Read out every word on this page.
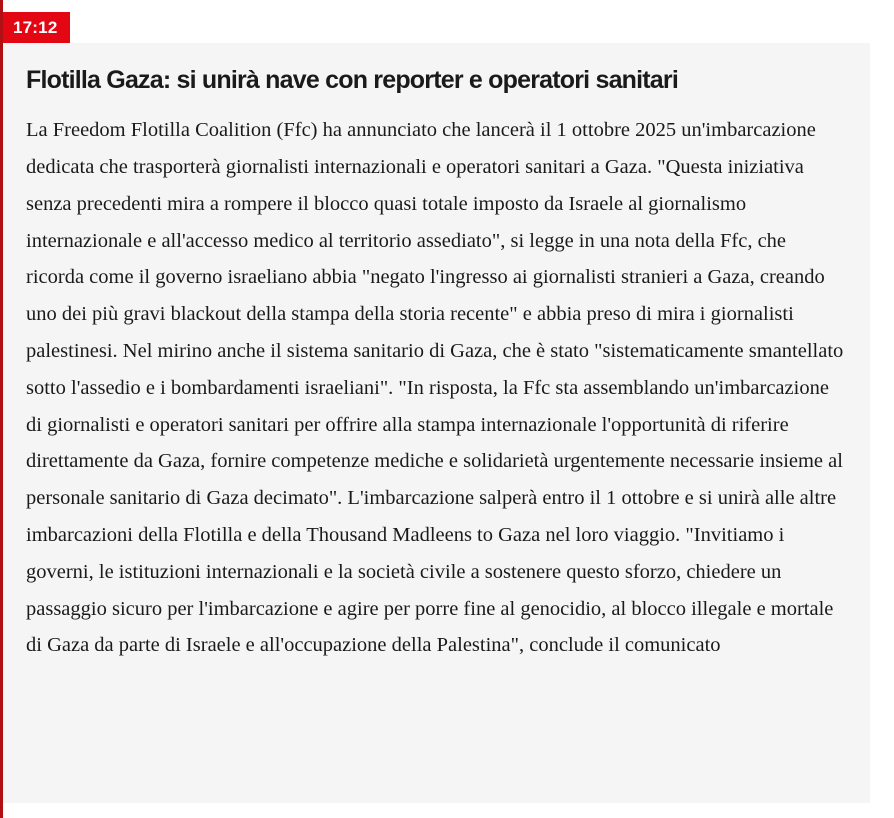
17:12
Flotilla Gaza: si unirà nave con reporter e operatori sanitari

La Freedom Flotilla Coalition (Ffc) ha annunciato che lancerà il 1 ottobre 2025 un'imbarcazione dedicata che trasporterà giornalisti internazionali e operatori sanitari a Gaza. "Questa iniziativa senza precedenti mira a rompere il blocco quasi totale imposto da Israele al giornalismo internazionale e all'accesso medico al territorio assediato", si legge in una nota della Ffc, che ricorda come il governo israeliano abbia "negato l'ingresso ai giornalisti stranieri a Gaza, creando uno dei più gravi blackout della stampa della storia recente" e abbia preso di mira i giornalisti palestinesi. Nel mirino anche il sistema sanitario di Gaza, che è stato "sistematicamente smantellato sotto l'assedio e i bombardamenti israeliani". "In risposta, la Ffc sta assemblando un'imbarcazione di giornalisti e operatori sanitari per offrire alla stampa internazionale l'opportunità di riferire direttamente da Gaza, fornire competenze mediche e solidarietà urgentemente necessarie insieme al personale sanitario di Gaza decimato". L'imbarcazione salperà entro il 1 ottobre e si unirà alle altre imbarcazioni della Flotilla e della Thousand Madleens to Gaza nel loro viaggio. "Invitiamo i governi, le istituzioni internazionali e la società civile a sostenere questo sforzo, chiedere un passaggio sicuro per l'imbarcazione e agire per porre fine al genocidio, al blocco illegale e mortale di Gaza da parte di Israele e all'occupazione della Palestina", conclude il comunicato
